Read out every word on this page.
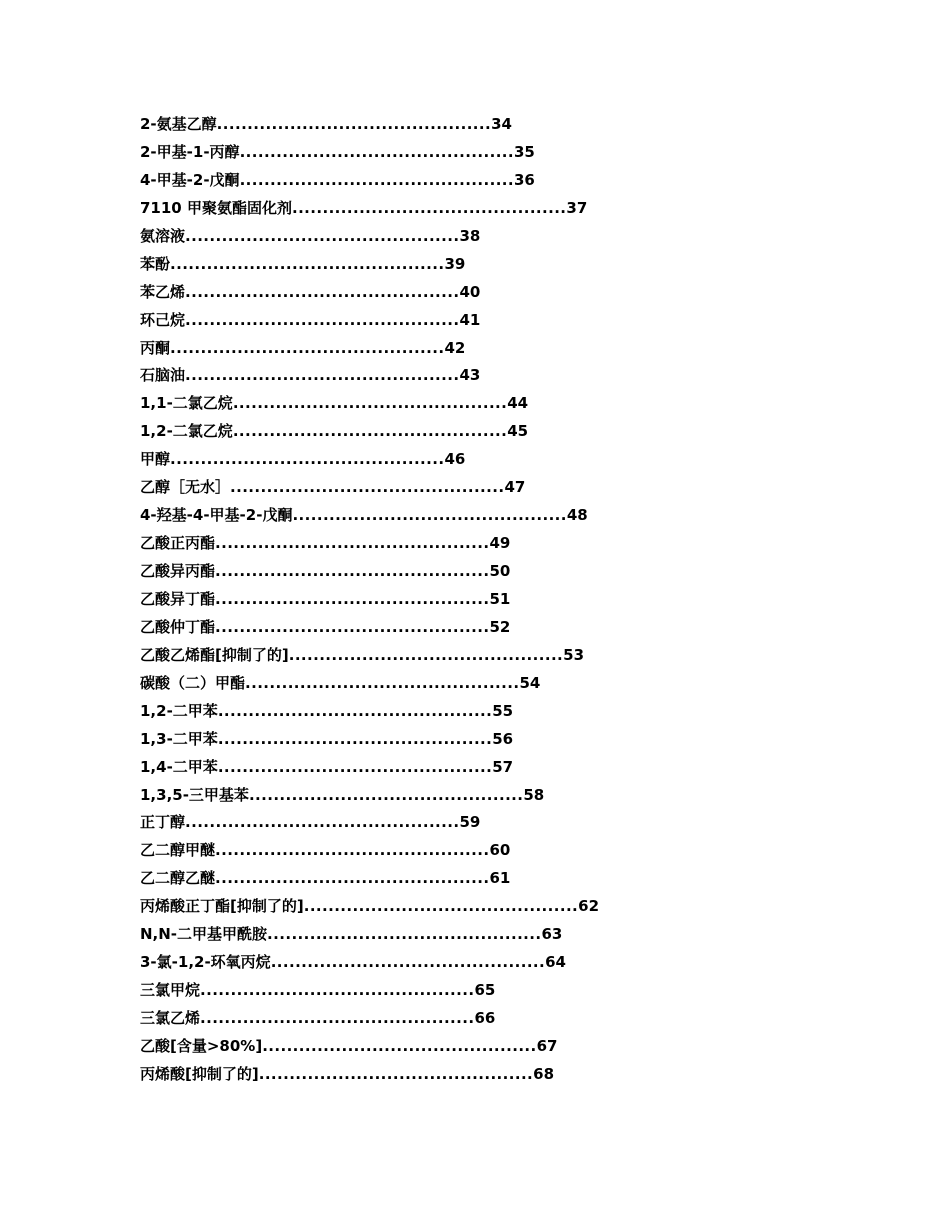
2-氨基乙醇 ............................................. 34
2-甲基-1-丙醇 ............................................. 35
4-甲基-2-戊酮 ............................................. 36
7110 甲聚氨酯固化剂 ............................................. 37
氨溶液 ............................................. 38
苯酚 ............................................. 39
苯乙烯 ............................................. 40
环己烷 ............................................. 41
丙酮 ............................................. 42
石脑油 ............................................. 43
1,1-二氯乙烷 ............................................. 44
1,2-二氯乙烷 ............................................. 45
甲醇 ............................................. 46
乙醇［无水］ ............................................. 47
4-羟基-4-甲基-2-戊酮 ............................................. 48
乙酸正丙酯 ............................................. 49
乙酸异丙酯 ............................................. 50
乙酸异丁酯 ............................................. 51
乙酸仲丁酯 ............................................. 52
乙酸乙烯酯[抑制了的] ............................................. 53
碳酸（二）甲酯 ............................................. 54
1,2-二甲苯 ............................................. 55
1,3-二甲苯 ............................................. 56
1,4-二甲苯 ............................................. 57
1,3,5-三甲基苯 ............................................. 58
正丁醇 ............................................. 59
乙二醇甲醚 ............................................. 60
乙二醇乙醚 ............................................. 61
丙烯酸正丁酯[抑制了的] ............................................. 62
N,N-二甲基甲酰胺 ............................................. 63
3-氯-1,2-环氧丙烷 ............................................. 64
三氯甲烷 ............................................. 65
三氯乙烯 ............................................. 66
乙酸[含量>80%] ............................................. 67
丙烯酸[抑制了的] ............................................. 68
